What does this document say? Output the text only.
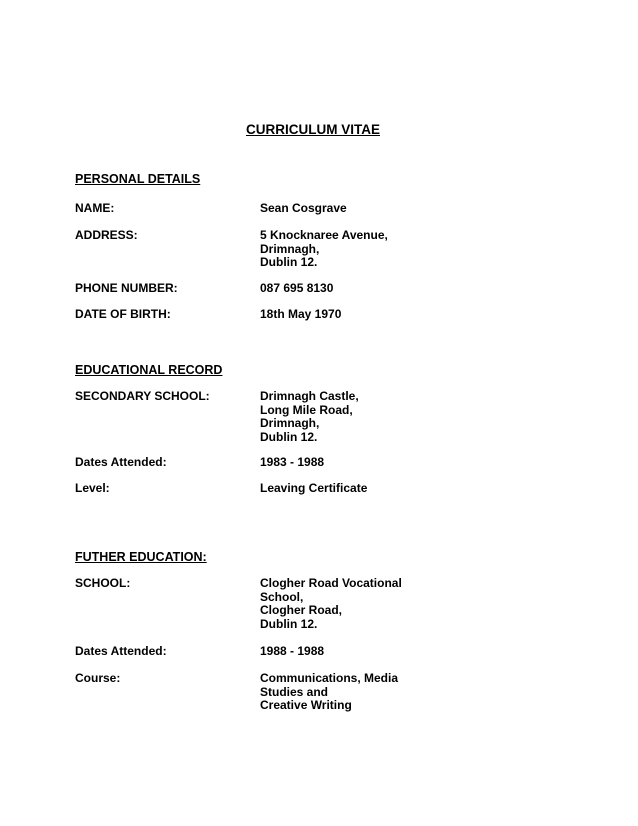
CURRICULUM VITAE
PERSONAL DETAILS
NAME:	Sean Cosgrave
ADDRESS:	5 Knocknaree Avenue,
Drimnagh,
Dublin 12.
PHONE NUMBER:	087 695 8130
DATE OF BIRTH:	18th May 1970
EDUCATIONAL RECORD
SECONDARY SCHOOL:	Drimnagh Castle,
Long Mile Road,
Drimnagh,
Dublin 12.
Dates Attended:	1983 - 1988
Level:	Leaving Certificate
FUTHER EDUCATION:
SCHOOL:	Clogher Road Vocational
School,
Clogher Road,
Dublin 12.
Dates Attended:	1988 - 1988
Course:	Communications, Media
Studies and
Creative Writing
